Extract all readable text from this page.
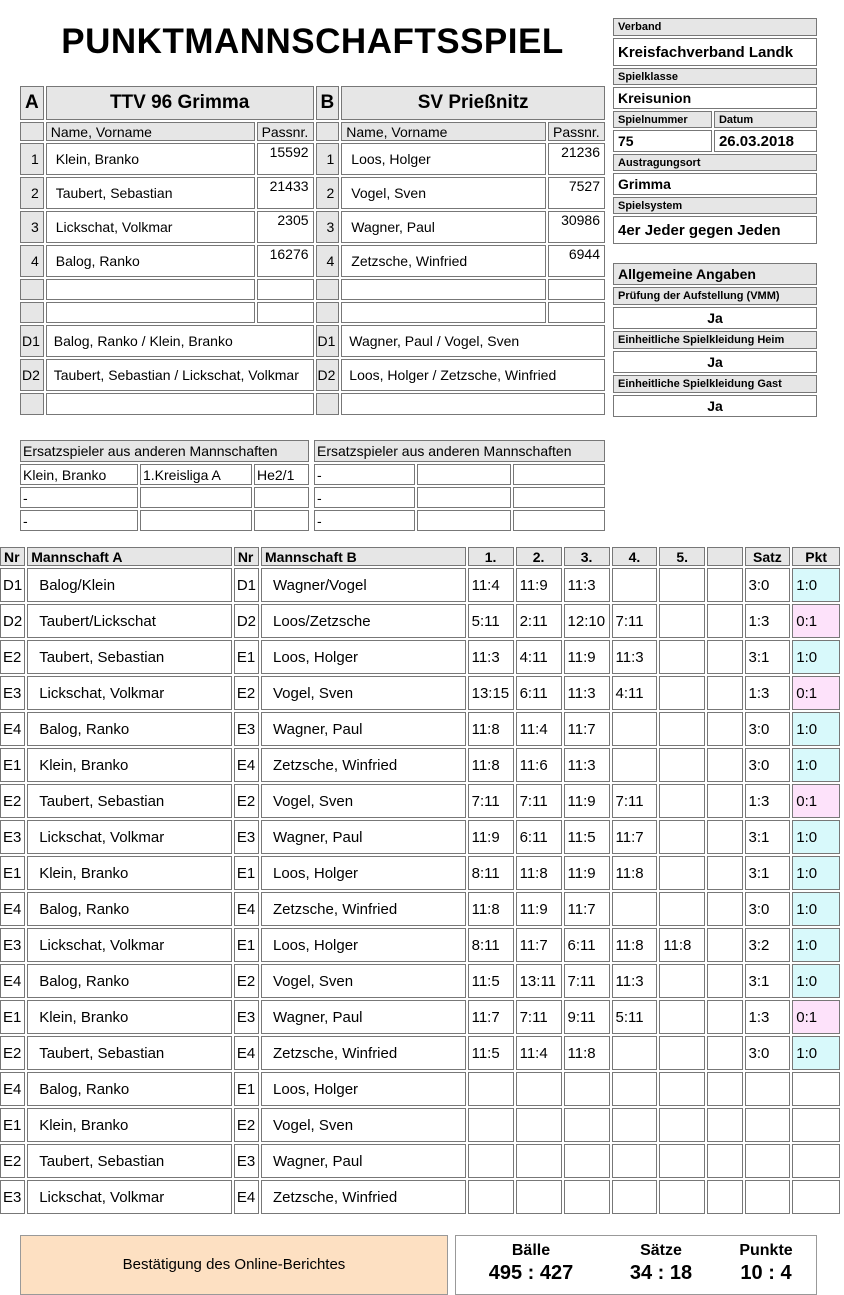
PUNKTMANNSCHAFTSSPIEL
A	TTV 96 Grimma		B	SV Prießnitz	
	Name, Vorname	Passnr.		Name, Vorname	Passnr.
1	Klein, Branko	15592	1	Loos, Holger	21236
2	Taubert, Sebastian	21433	2	Vogel, Sven	7527
3	Lickschat, Volkmar	2305	3	Wagner, Paul	30986
4	Balog, Ranko	16276	4	Zetzsche, Winfried	6944

D1	Balog, Ranko / Klein, Branko		D1	Wagner, Paul / Vogel, Sven	
D2	Taubert, Sebastian / Lickschat, Volkmar		D2	Loos, Holger / Zetzsche, Winfried	

Verband	
Kreisfachverband Landk	
Spielklasse	
Kreisunion	
Spielnummer	Datum
75	26.03.2018
Austragungsort	
Grimma	
Spielsystem	
4er Jeder gegen Jeden	
Allgemeine Angaben
Prüfung der Aufstellung (VMM)
Ja
Einheitliche Spielkleidung Heim
Ja
Einheitliche Spielkleidung Gast
Ja
Ersatzspieler aus anderen Mannschaften		
Klein, Branko	1.Kreisliga A	He2/1
-		
-		
Ersatzspieler aus anderen Mannschaften		
-		
-		
-		
Nr	Mannschaft A	Nr	Mannschaft B	1.	2.	3.	4.	5.		Satz	Pkt
D1	Balog/Klein	D1	Wagner/Vogel	11:4	11:9	11:3				3:0	1:0
D2	Taubert/Lickschat	D2	Loos/Zetzsche	5:11	2:11	12:10	7:11			1:3	0:1
E2	Taubert, Sebastian	E1	Loos, Holger	11:3	4:11	11:9	11:3			3:1	1:0
E3	Lickschat, Volkmar	E2	Vogel, Sven	13:15	6:11	11:3	4:11			1:3	0:1
E4	Balog, Ranko	E3	Wagner, Paul	11:8	11:4	11:7				3:0	1:0
E1	Klein, Branko	E4	Zetzsche, Winfried	11:8	11:6	11:3				3:0	1:0
E2	Taubert, Sebastian	E2	Vogel, Sven	7:11	7:11	11:9	7:11			1:3	0:1
E3	Lickschat, Volkmar	E3	Wagner, Paul	11:9	6:11	11:5	11:7			3:1	1:0
E1	Klein, Branko	E1	Loos, Holger	8:11	11:8	11:9	11:8			3:1	1:0
E4	Balog, Ranko	E4	Zetzsche, Winfried	11:8	11:9	11:7				3:0	1:0
E3	Lickschat, Volkmar	E1	Loos, Holger	8:11	11:7	6:11	11:8	11:8		3:2	1:0
E4	Balog, Ranko	E2	Vogel, Sven	11:5	13:11	7:11	11:3			3:1	1:0
E1	Klein, Branko	E3	Wagner, Paul	11:7	7:11	9:11	5:11			1:3	0:1
E2	Taubert, Sebastian	E4	Zetzsche, Winfried	11:5	11:4	11:8				3:0	1:0
E4	Balog, Ranko	E1	Loos, Holger								
E1	Klein, Branko	E2	Vogel, Sven								
E2	Taubert, Sebastian	E3	Wagner, Paul								
E3	Lickschat, Volkmar	E4	Zetzsche, Winfried								
Bestätigung des Online-Berichtes
Bälle
495 : 427
Sätze
34 : 18
Punkte
10 : 4
